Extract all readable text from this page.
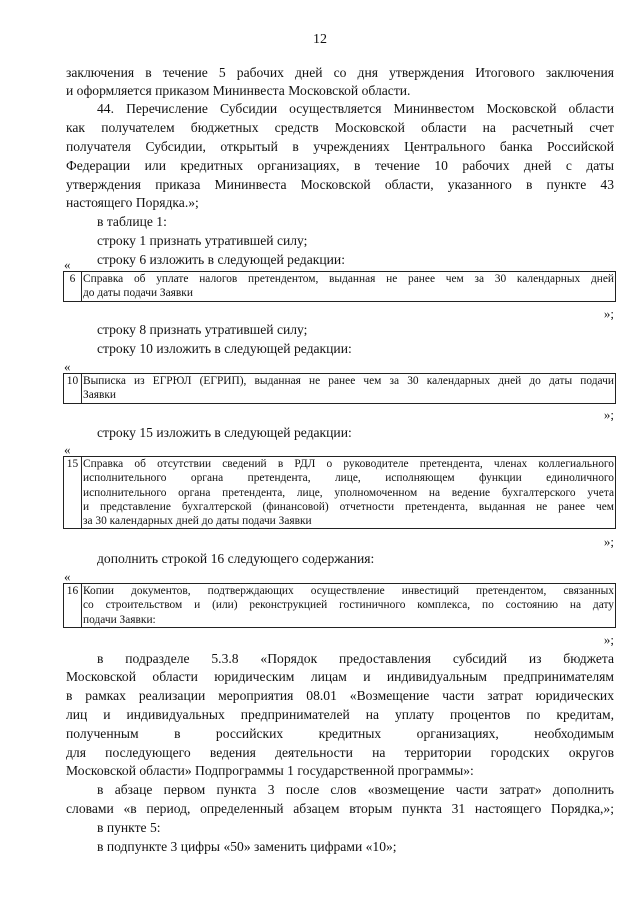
12
заключения в течение 5 рабочих дней со дня утверждения Итогового заключения
и оформляется приказом Мининвеста Московской области.
44. Перечисление Субсидии осуществляется Мининвестом Московской области
как получателем бюджетных средств Московской области на расчетный счет
получателя Субсидии, открытый в учреждениях Центрального банка Российской
Федерации или кредитных организациях, в течение 10 рабочих дней с даты
утверждения приказа Мининвеста Московской области, указанного в пункте 43
настоящего Порядка.»;
в таблице 1:
строку 1 признать утратившей силу;
строку 6 изложить в следующей редакции:
«
6	Справка об уплате налогов претендентом, выданная не ранее чем за 30 календарных дней
до даты подачи Заявки
»;
строку 8 признать утратившей силу;
строку 10 изложить в следующей редакции:
«
10	Выписка из ЕГРЮЛ (ЕГРИП), выданная не ранее чем за 30 календарных дней до даты подачи
Заявки
»;
строку 15 изложить в следующей редакции:
«
15	Справка об отсутствии сведений в РДЛ о руководителе претендента, членах коллегиального
исполнительного органа претендента, лице, исполняющем функции единоличного
исполнительного органа претендента, лице, уполномоченном на ведение бухгалтерского учета
и представление бухгалтерской (финансовой) отчетности претендента, выданная не ранее чем
за 30 календарных дней до даты подачи Заявки
»;
дополнить строкой 16 следующего содержания:
«
16	Копии документов, подтверждающих осуществление инвестиций претендентом, связанных
со строительством и (или) реконструкцией гостиничного комплекса, по состоянию на дату
подачи Заявки:
»;
в подразделе 5.3.8 «Порядок предоставления субсидий из бюджета
Московской области юридическим лицам и индивидуальным предпринимателям
в рамках реализации мероприятия 08.01 «Возмещение части затрат юридических
лиц и индивидуальных предпринимателей на уплату процентов по кредитам,
полученным в российских кредитных организациях, необходимым
для последующего ведения деятельности на территории городских округов
Московской области» Подпрограммы 1 государственной программы»:
в абзаце первом пункта 3 после слов «возмещение части затрат» дополнить
словами «в период, определенный абзацем вторым пункта 31 настоящего Порядка,»;
в пункте 5:
в подпункте 3 цифры «50» заменить цифрами «10»;
